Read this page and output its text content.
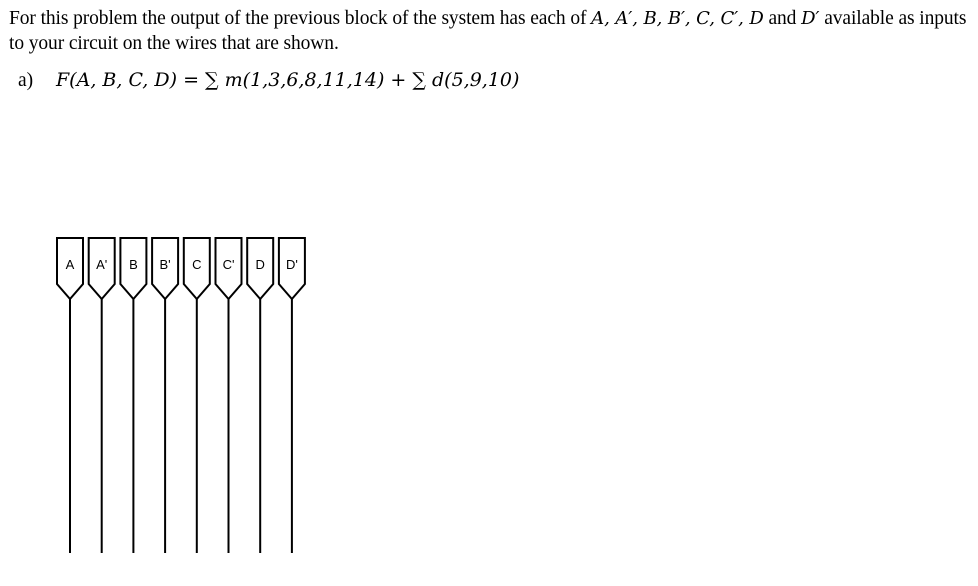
For this problem the output of the previous block of the system has each of A, A′, B, B′, C, C′, D and D′ available as inputs to your circuit on the wires that are shown.
a) F(A, B, C, D) = ∑ m(1,3,6,8,11,14) + ∑ d(5,9,10)
A A' B B' C C' D D'
